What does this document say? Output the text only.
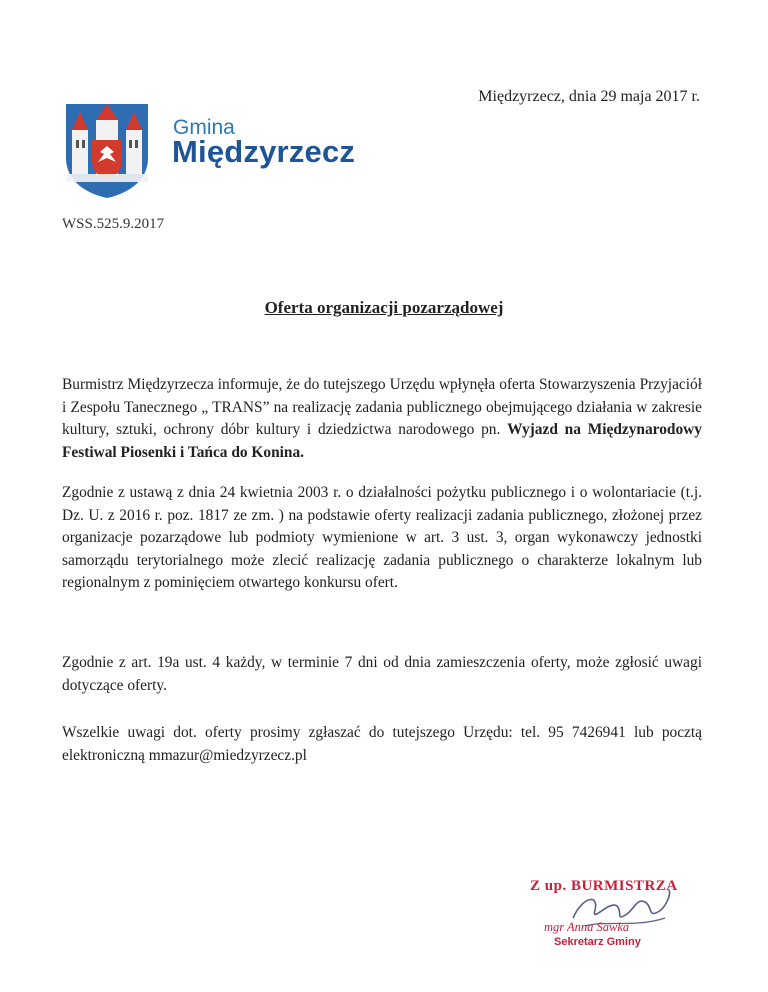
Międzyrzecz, dnia 29 maja 2017 r.
Gmina
Międzyrzecz
WSS.525.9.2017
Oferta organizacji pozarządowej
Burmistrz Międzyrzecza informuje, że do tutejszego Urzędu wpłynęła oferta Stowarzyszenia Przyjaciół i Zespołu Tanecznego „ TRANS” na realizację zadania publicznego obejmującego działania w zakresie kultury, sztuki, ochrony dóbr kultury i dziedzictwa narodowego pn. Wyjazd na Międzynarodowy Festiwal Piosenki i Tańca do Konina.
Zgodnie z ustawą z dnia 24 kwietnia 2003 r. o działalności pożytku publicznego i o wolontariacie (t.j. Dz. U. z 2016 r. poz. 1817 ze zm. ) na podstawie oferty realizacji zadania publicznego, złożonej przez organizacje pozarządowe lub podmioty wymienione w art. 3 ust. 3, organ wykonawczy jednostki samorządu terytorialnego może zlecić realizację zadania publicznego o charakterze lokalnym lub regionalnym z pominięciem otwartego konkursu ofert.
Zgodnie z art. 19a ust. 4 każdy, w terminie 7 dni od dnia zamieszczenia oferty, może zgłosić uwagi dotyczące oferty.
Wszelkie uwagi dot. oferty prosimy zgłaszać do tutejszego Urzędu: tel. 95 7426941 lub pocztą elektroniczną mmazur@miedzyrzecz.pl
Z up. BURMISTRZA
mgr Anna Sawka
Sekretarz Gminy
